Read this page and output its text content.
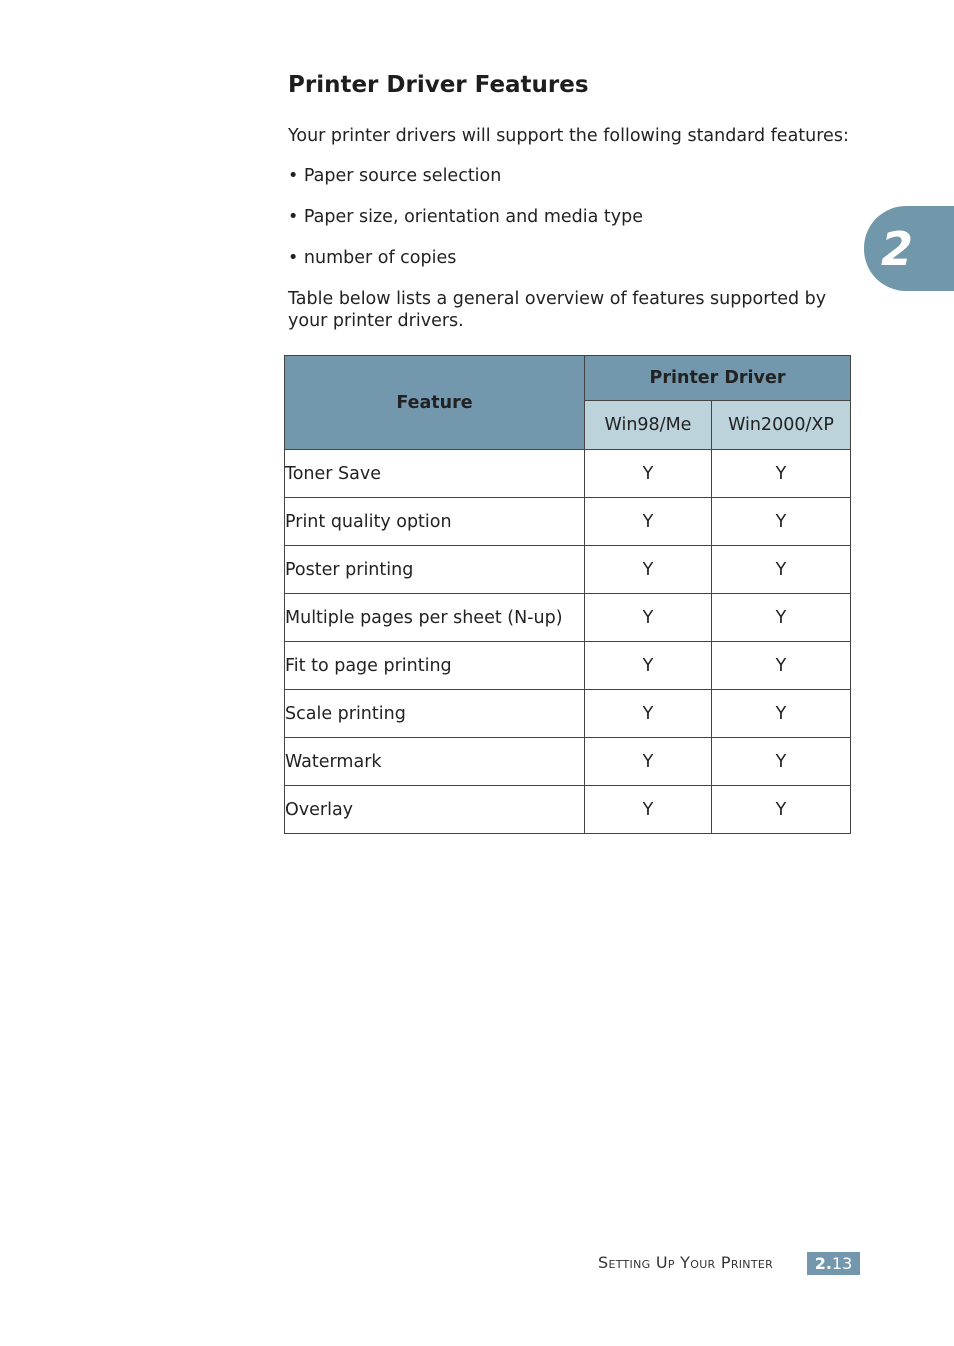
Printer Driver Features

Your printer drivers will support the following standard features:

• Paper source selection

• Paper size, orientation and media type

• number of copies

Table below lists a general overview of features supported by your printer drivers.

2
Feature	Printer Driver	
	Win98/Me	Win2000/XP
Toner Save	Y	Y
Print quality option	Y	Y
Poster printing	Y	Y
Multiple pages per sheet (N-up)	Y	Y
Fit to page printing	Y	Y
Scale printing	Y	Y
Watermark	Y	Y
Overlay	Y	Y
Setting Up Your Printer	2. 13
